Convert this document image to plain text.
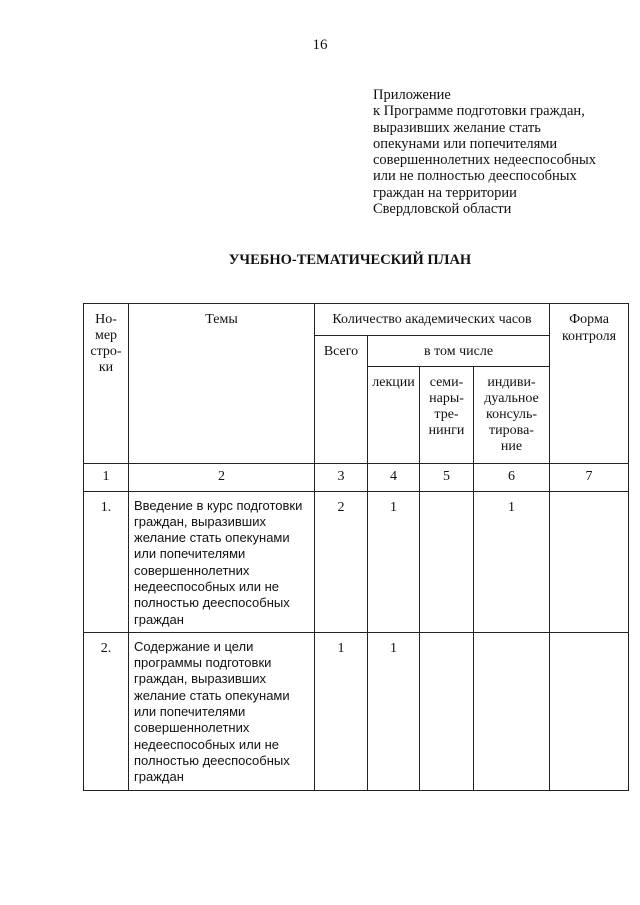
16
Приложение
к Программе подготовки граждан,
выразивших желание стать
опекунами или попечителями
совершеннолетних недееспособных
или не полностью дееспособных
граждан на территории
Свердловской области
УЧЕБНО-ТЕМАТИЧЕСКИЙ ПЛАН
Но-
мер
стро-
ки	Темы	Количество академических часов				Форма
контроля
		Всего	в том числе			
			лекции	семи-
нары-
тре-
нинги	индиви-
дуальное
консуль-
тирова-
ние	
1	2	3	4	5	6	7
1.	Введение в курс подготовки граждан, выразивших желание стать опекунами или попечителями совершеннолетних недееспособных или не полностью дееспособных граждан	2	1		1	
2.	Содержание и цели программы подготовки граждан, выразивших желание стать опекунами или попечителями совершеннолетних недееспособных или не полностью дееспособных граждан	1	1			
